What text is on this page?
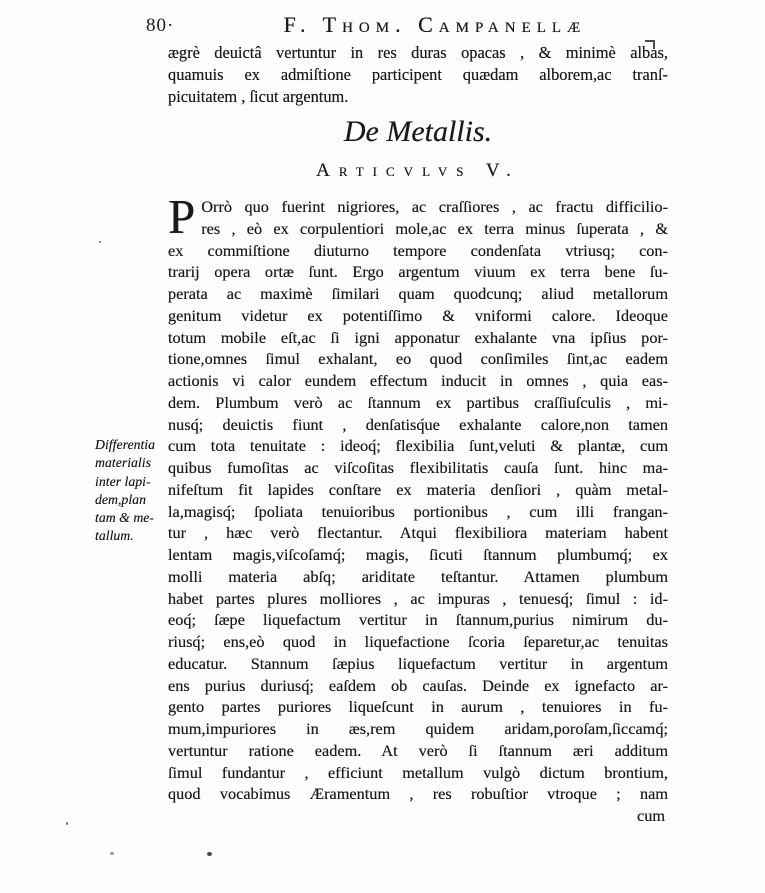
80·	F. Thom. Campanellæ
ægrè deuictâ vertuntur in res duras opacas , & minimè albas,
quamuis ex admiſtione participent quædam alborem,ac tranſ-
picuitatem , ſicut argentum.
De Metallis.
Articvlvs V.
Differentia
materialis
inter lapi-
dem,plan
tam & me-
tallum.
P Orrò quo fuerint nigriores, ac craſſiores , ac fractu difficilio-
res , eò ex corpulentiori mole,ac ex terra minus ſuperata , &
ex commiſtione diuturno tempore condenſata vtriusq; con-
trarij opera ortæ ſunt. Ergo argentum viuum ex terra bene ſu-
perata ac maximè ſimilari quam quodcunq; aliud metallorum
genitum videtur ex potentiſſimo & vniformi calore. Ideoque
totum mobile eſt,ac ſi igni apponatur exhalante vna ipſius por-
tione,omnes ſimul exhalant, eo quod conſimiles ſint,ac eadem
actionis vi calor eundem effectum inducit in omnes , quia eas-
dem. Plumbum verò ac ſtannum ex partibus craſſiuſculis , mi-
nusq́; deuictis fiunt , denſatisq́ue exhalante calore,non tamen
cum tota tenuitate : ideoq́; flexibilia ſunt,veluti & plantæ, cum
quibus fumoſitas ac viſcoſitas flexibilitatis cauſa ſunt. hinc ma-
nifeſtum fit lapides conſtare ex materia denſiori , quàm metal-
la,magisq́; ſpoliata tenuioribus portionibus , cum illi frangan-
tur , hæc verò flectantur. Atqui flexibiliora materiam habent
lentam magis,viſcoſamq́; magis, ſicuti ſtannum plumbumq́; ex
molli materia abſq; ariditate teſtantur. Attamen plumbum
habet partes plures molliores , ac impuras , tenuesq́; ſimul : id-
eoq́; ſæpe liquefactum vertitur in ſtannum,purius nimirum du-
riusq́; ens,eò quod in liquefactione ſcoria ſeparetur,ac tenuitas
educatur. Stannum ſæpius liquefactum vertitur in argentum
ens purius duriusq́; eaſdem ob cauſas. Deinde ex ignefacto ar-
gento partes puriores liqueſcunt in aurum , tenuiores in fu-
mum,impuriores in æs,rem quidem aridam,poroſam,ſiccamq́;
vertuntur ratione eadem. At verò ſi ſtannum æri additum
ſimul fundantur , efficiunt metallum vulgò dictum brontium,
quod vocabimus Æramentum , res robuſtior vtroque ; nam
cum
